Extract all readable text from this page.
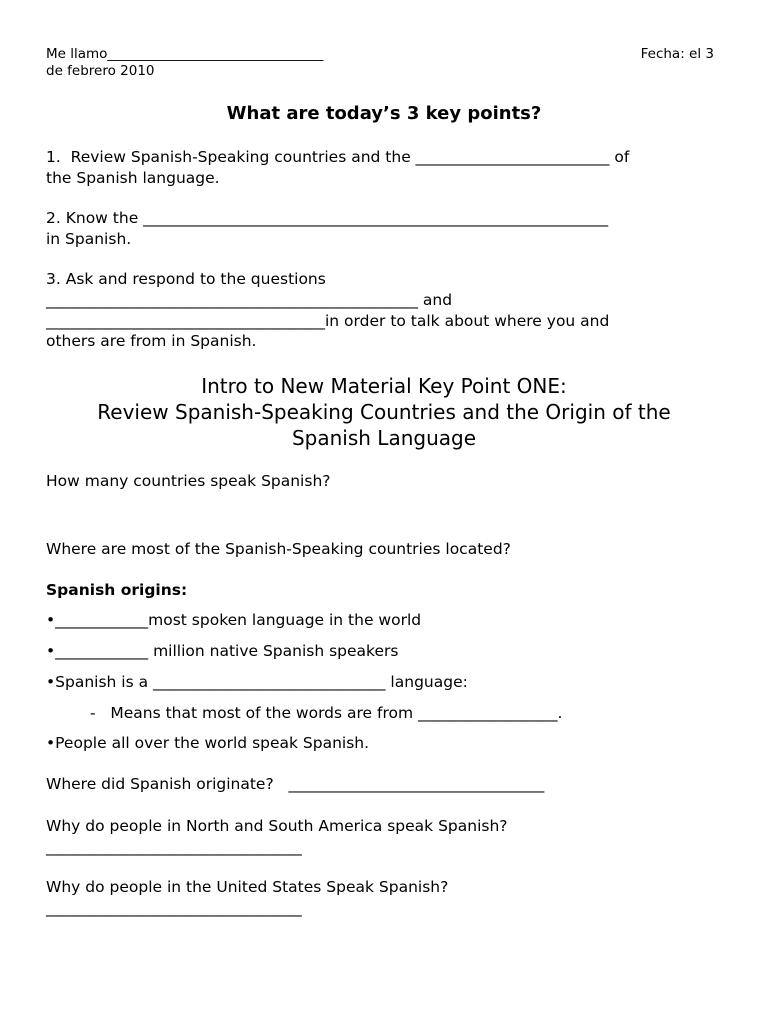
Me llamo________________________________	Fecha: el 3
de febrero 2010
What are today’s 3 key points?
1.  Review Spanish-Speaking countries and the _________________________ of
the Spanish language.
2. Know the ____________________________________________________________
in Spanish.
3. Ask and respond to the questions
________________________________________________ and
____________________________________in order to talk about where you and
others are from in Spanish.
Intro to New Material Key Point ONE:
Review Spanish-Speaking Countries and the Origin of the
Spanish Language
How many countries speak Spanish?
Where are most of the Spanish-Speaking countries located?
Spanish origins:
•____________most spoken language in the world
•____________ million native Spanish speakers
•Spanish is a ______________________________ language:
-   Means that most of the words are from __________________.
•People all over the world speak Spanish.
Where did Spanish originate?   _________________________________
Why do people in North and South America speak Spanish?
_________________________________
Why do people in the United States Speak Spanish?
_________________________________
